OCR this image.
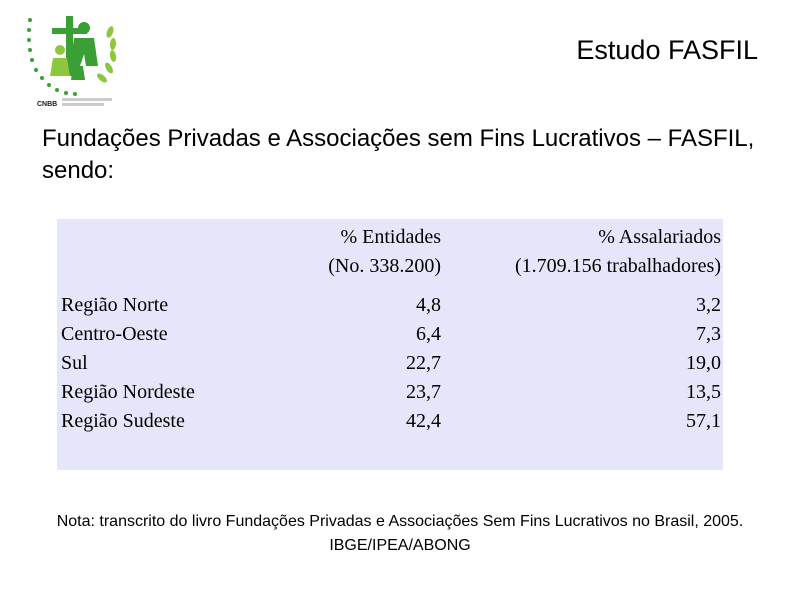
CNBB
Estudo FASFIL
Fundações Privadas e Associações sem Fins Lucrativos – FASFIL, sendo:
% Entidades
(No. 338.200)
% Assalariados
(1.709.156 trabalhadores)
Região Norte
Centro-Oeste
Sul
Região Nordeste
Região Sudeste
4,8
6,4
22,7
23,7
42,4
3,2
7,3
19,0
13,5
57,1
Nota: transcrito do livro Fundações Privadas e Associações Sem Fins Lucrativos no Brasil, 2005. IBGE/IPEA/ABONG
